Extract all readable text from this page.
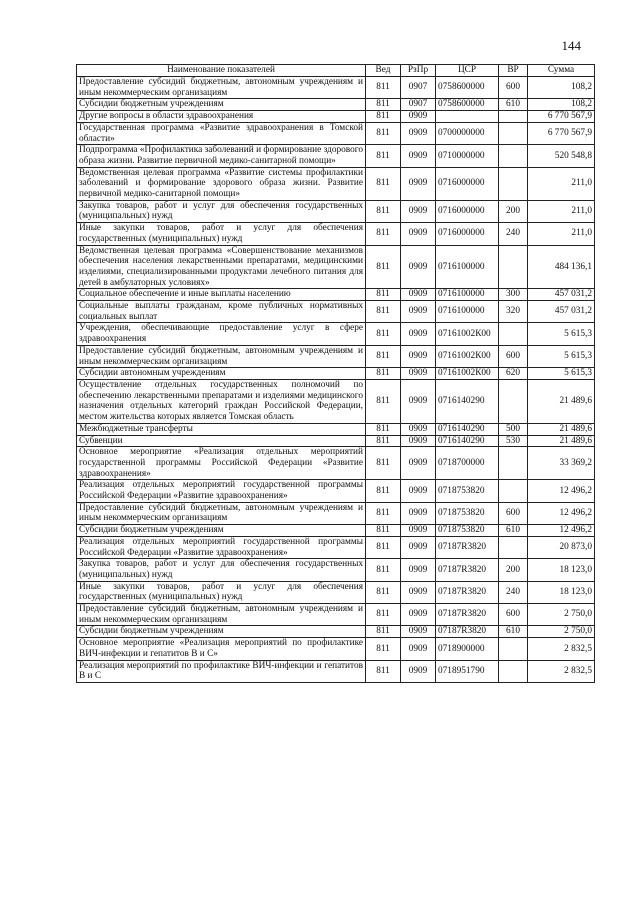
144
Наименование показателей	Вед	РзПр	ЦСР	ВР	Сумма
Предоставление субсидий бюджетным, автономным учреждениям и иным некоммерческим организациям	811	0907	0758600000	600	108,2
Субсидии бюджетным учреждениям	811	0907	0758600000	610	108,2
Другие вопросы в области здравоохранения	811	0909			6 770 567,9
Государственная программа «Развитие здравоохранения в Томской области»	811	0909	0700000000		6 770 567,9
Подпрограмма «Профилактика заболеваний и формирование здорового образа жизни. Развитие первичной медико-санитарной помощи»	811	0909	0710000000		520 548,8
Ведомственная целевая программа «Развитие системы профилактики заболеваний и формирование здорового образа жизни. Развитие первичной медико-санитарной помощи»	811	0909	0716000000		211,0
Закупка товаров, работ и услуг для обеспечения государственных (муниципальных) нужд	811	0909	0716000000	200	211,0
Иные закупки товаров, работ и услуг для обеспечения государственных (муниципальных) нужд	811	0909	0716000000	240	211,0
Ведомственная целевая программа «Совершенствование механизмов обеспечения населения лекарственными препаратами, медицинскими изделиями, специализированными продуктами лечебного питания для детей в амбулаторных условиях»	811	0909	0716100000		484 136,1
Социальное обеспечение и иные выплаты населению	811	0909	0716100000	300	457 031,2
Социальные выплаты гражданам, кроме публичных нормативных социальных выплат	811	0909	0716100000	320	457 031,2
Учреждения, обеспечивающие предоставление услуг в сфере здравоохранения	811	0909	07161002К00		5 615,3
Предоставление субсидий бюджетным, автономным учреждениям и иным некоммерческим организациям	811	0909	07161002К00	600	5 615,3
Субсидии автономным учреждениям	811	0909	07161002К00	620	5 615,3
Осуществление отдельных государственных полномочий по обеспечению лекарственными препаратами и изделиями медицинского назначения отдельных категорий граждан Российской Федерации, местом жительства которых является Томская область	811	0909	0716140290		21 489,6
Межбюджетные трансферты	811	0909	0716140290	500	21 489,6
Субвенции	811	0909	0716140290	530	21 489,6
Основное мероприятие «Реализация отдельных мероприятий государственной программы Российской Федерации «Развитие здравоохранения»	811	0909	0718700000		33 369,2
Реализация отдельных мероприятий государственной программы Российской Федерации «Развитие здравоохранения»	811	0909	0718753820		12 496,2
Предоставление субсидий бюджетным, автономным учреждениям и иным некоммерческим организациям	811	0909	0718753820	600	12 496,2
Субсидии бюджетным учреждениям	811	0909	0718753820	610	12 496,2
Реализация отдельных мероприятий государственной программы Российской Федерации «Развитие здравоохранения»	811	0909	07187R3820		20 873,0
Закупка товаров, работ и услуг для обеспечения государственных (муниципальных) нужд	811	0909	07187R3820	200	18 123,0
Иные закупки товаров, работ и услуг для обеспечения государственных (муниципальных) нужд	811	0909	07187R3820	240	18 123,0
Предоставление субсидий бюджетным, автономным учреждениям и иным некоммерческим организациям	811	0909	07187R3820	600	2 750,0
Субсидии бюджетным учреждениям	811	0909	07187R3820	610	2 750,0
Основное мероприятие «Реализация мероприятий по профилактике ВИЧ-инфекции и гепатитов В и С»	811	0909	0718900000		2 832,5
Реализация мероприятий по профилактике ВИЧ-инфекции и гепатитов В и С	811	0909	0718951790		2 832,5
